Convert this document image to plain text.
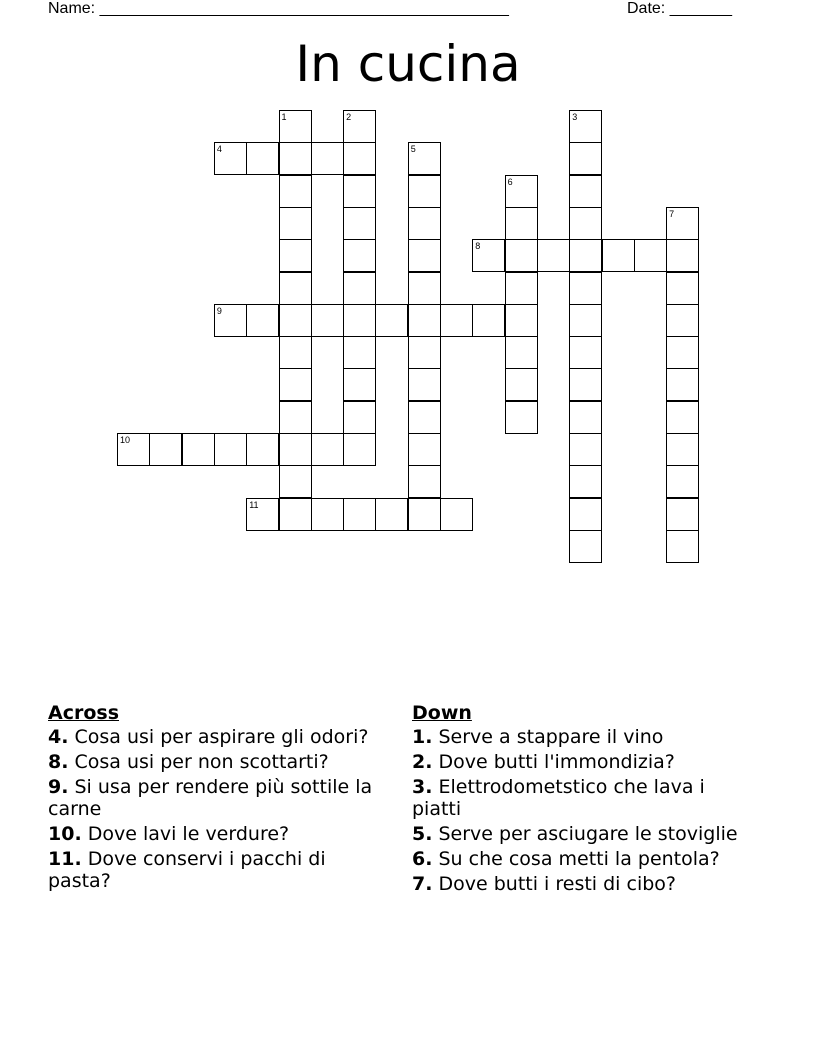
Name: ______________________________________________	Date: _______
In cucina
1	2	3
4	5
6
7
8
9
10
11
Across
4. Cosa usi per aspirare gli odori?
8. Cosa usi per non scottarti?
9. Si usa per rendere più sottile la carne
10. Dove lavi le verdure?
11. Dove conservi i pacchi di pasta?
Down
1. Serve a stappare il vino
2. Dove butti l'immondizia?
3. Elettrodometstico che lava i piatti
5. Serve per asciugare le stoviglie
6. Su che cosa metti la pentola?
7. Dove butti i resti di cibo?
